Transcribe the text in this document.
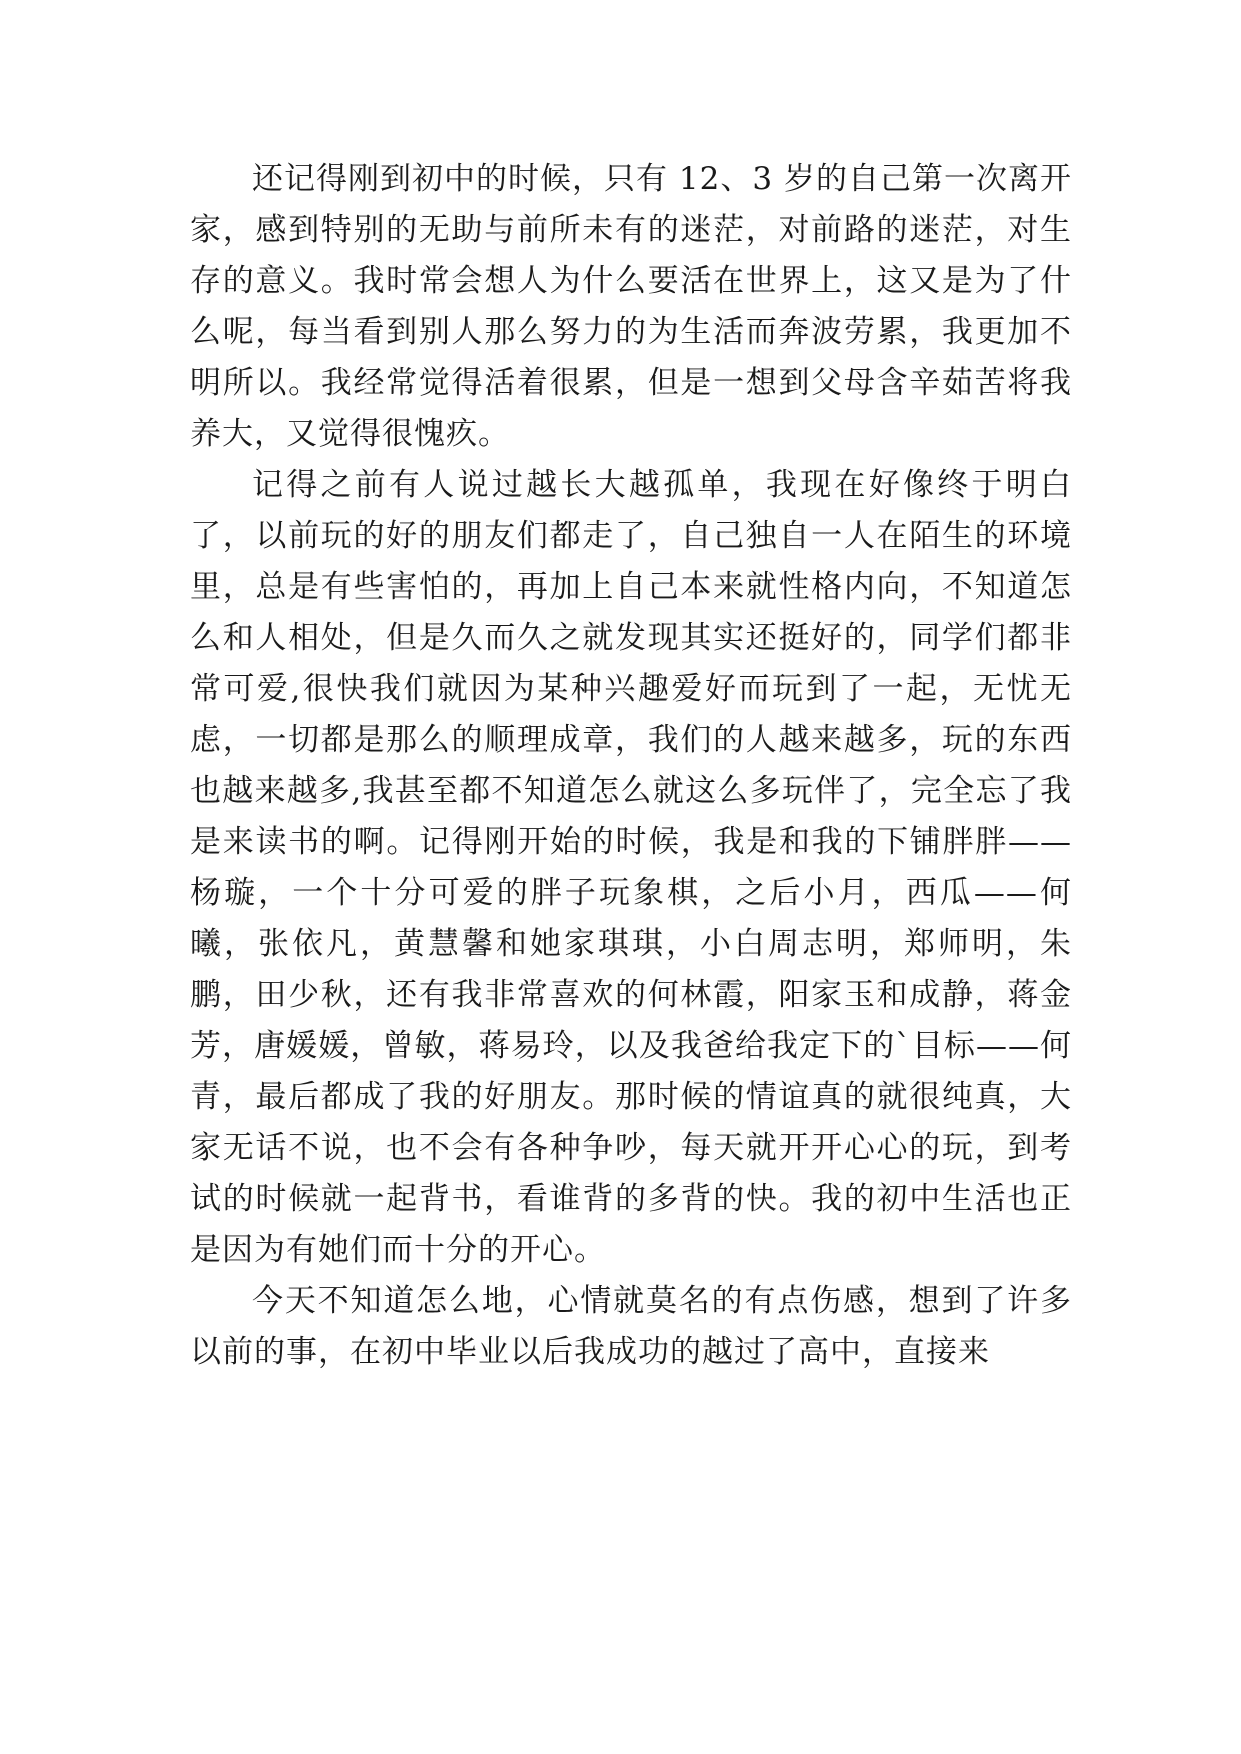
还记得刚到初中的时候，只有 12、3 岁的自己第一次离开家，感到特别的无助与前所未有的迷茫，对前路的迷茫，对生存的意义。我时常会想人为什么要活在世界上，这又是为了什么呢，每当看到别人那么努力的为生活而奔波劳累，我更加不明所以。我经常觉得活着很累，但是一想到父母含辛茹苦将我养大，又觉得很愧疚。

记得之前有人说过越长大越孤单，我现在好像终于明白了，以前玩的好的朋友们都走了，自己独自一人在陌生的环境里，总是有些害怕的，再加上自己本来就性格内向，不知道怎么和人相处，但是久而久之就发现其实还挺好的，同学们都非常可爱,很快我们就因为某种兴趣爱好而玩到了一起，无忧无虑，一切都是那么的顺理成章，我们的人越来越多，玩的东西也越来越多,我甚至都不知道怎么就这么多玩伴了，完全忘了我是来读书的啊。记得刚开始的时候，我是和我的下铺胖胖——杨璇，一个十分可爱的胖子玩象棋，之后小月，西瓜——何曦，张依凡，黄慧馨和她家琪琪，小白周志明，郑师明，朱鹏，田少秋，还有我非常喜欢的何林霞，阳家玉和成静，蒋金芳，唐媛媛，曾敏，蒋易玲，以及我爸给我定下的`目标——何青，最后都成了我的好朋友。那时候的情谊真的就很纯真，大家无话不说，也不会有各种争吵，每天就开开心心的玩，到考试的时候就一起背书，看谁背的多背的快。我的初中生活也正是因为有她们而十分的开心。

今天不知道怎么地，心情就莫名的有点伤感，想到了许多以前的事，在初中毕业以后我成功的越过了高中，直接来
